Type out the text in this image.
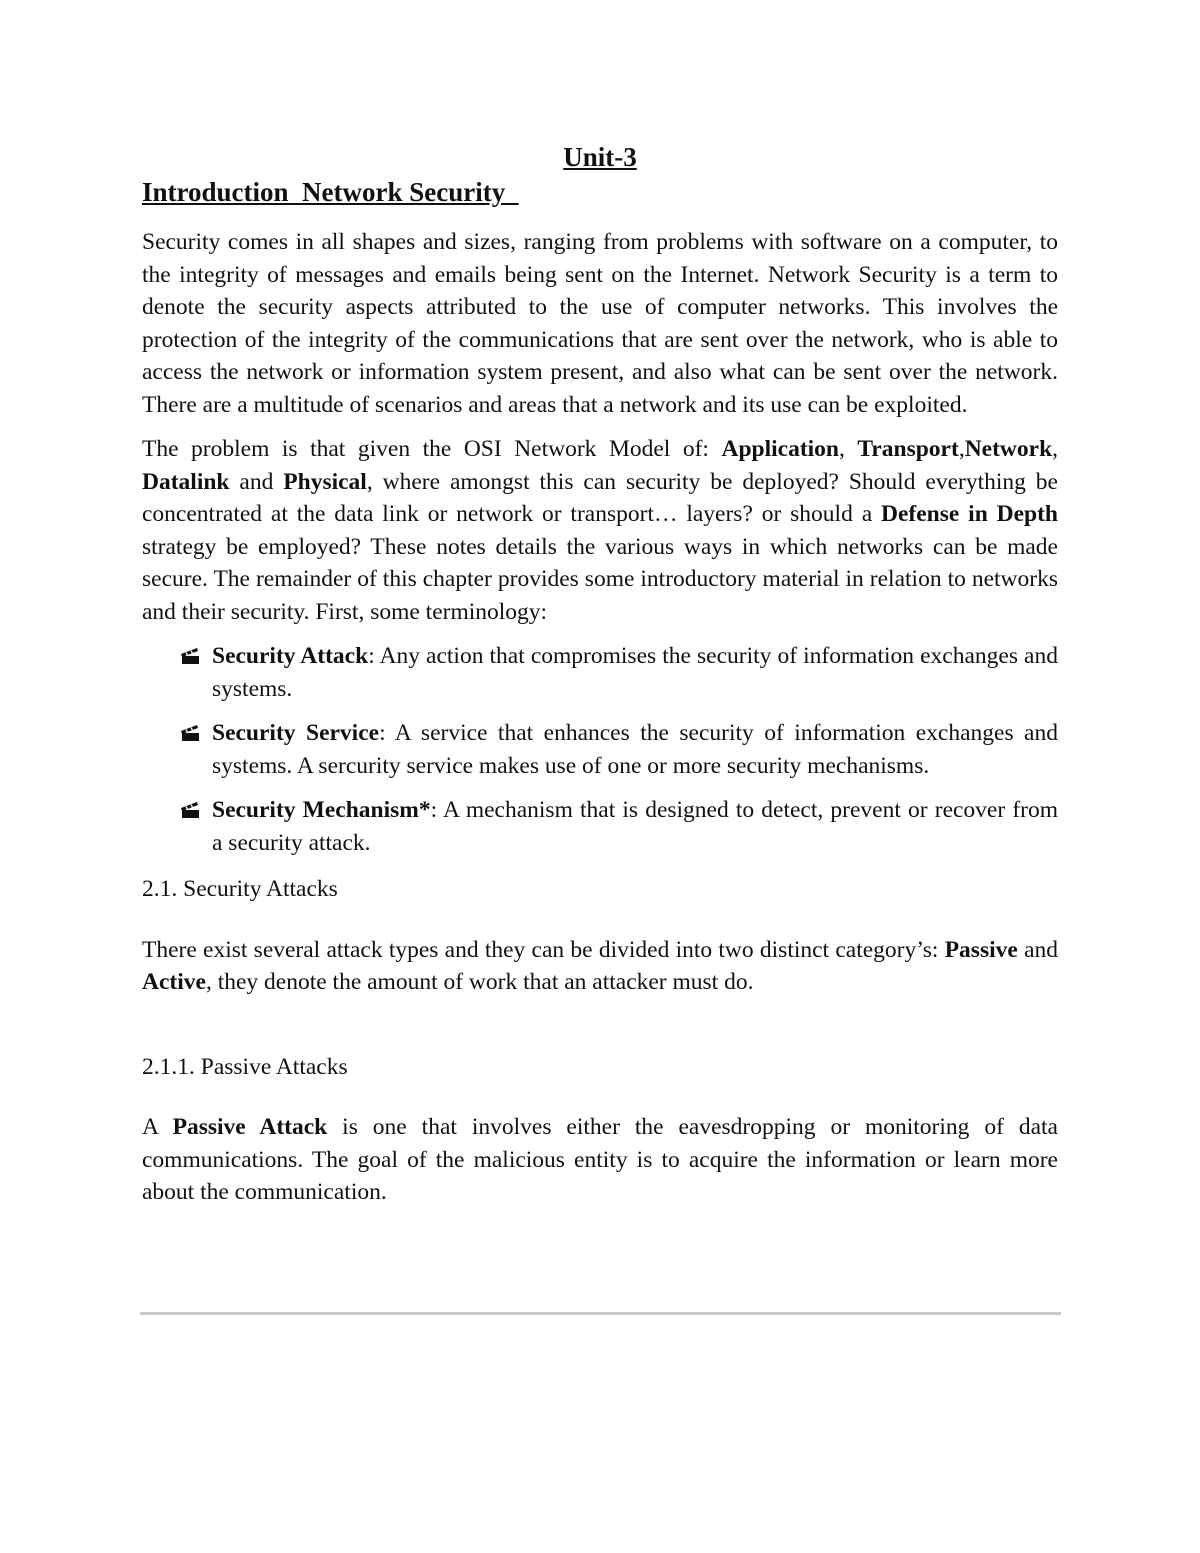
Unit-3
Introduction  Network Security

Security comes in all shapes and sizes, ranging from problems with software on a computer, to the integrity of messages and emails being sent on the Internet. Network Security is a term to denote the security aspects attributed to the use of computer networks. This involves the protection of the integrity of the communications that are sent over the network, who is able to access the network or information system present, and also what can be sent over the network. There are a multitude of scenarios and areas that a network and its use can be exploited.

The problem is that given the OSI Network Model of: Application, Transport,Network, Datalink and Physical, where amongst this can security be deployed? Should everything be concentrated at the data link or network or transport… layers? or should a Defense in Depth strategy be employed? These notes details the various ways in which networks can be made secure. The remainder of this chapter provides some introductory material in relation to networks and their security. First, some terminology:

Security Attack: Any action that compromises the security of information exchanges and systems.
Security Service: A service that enhances the security of information exchanges and systems. A sercurity service makes use of one or more security mechanisms.
Security Mechanism*: A mechanism that is designed to detect, prevent or recover from a security attack.

2.1. Security Attacks

There exist several attack types and they can be divided into two distinct category’s: Passive and Active, they denote the amount of work that an attacker must do.

2.1.1. Passive Attacks

A Passive Attack is one that involves either the eavesdropping or monitoring of data communications. The goal of the malicious entity is to acquire the information or learn more about the communication.
